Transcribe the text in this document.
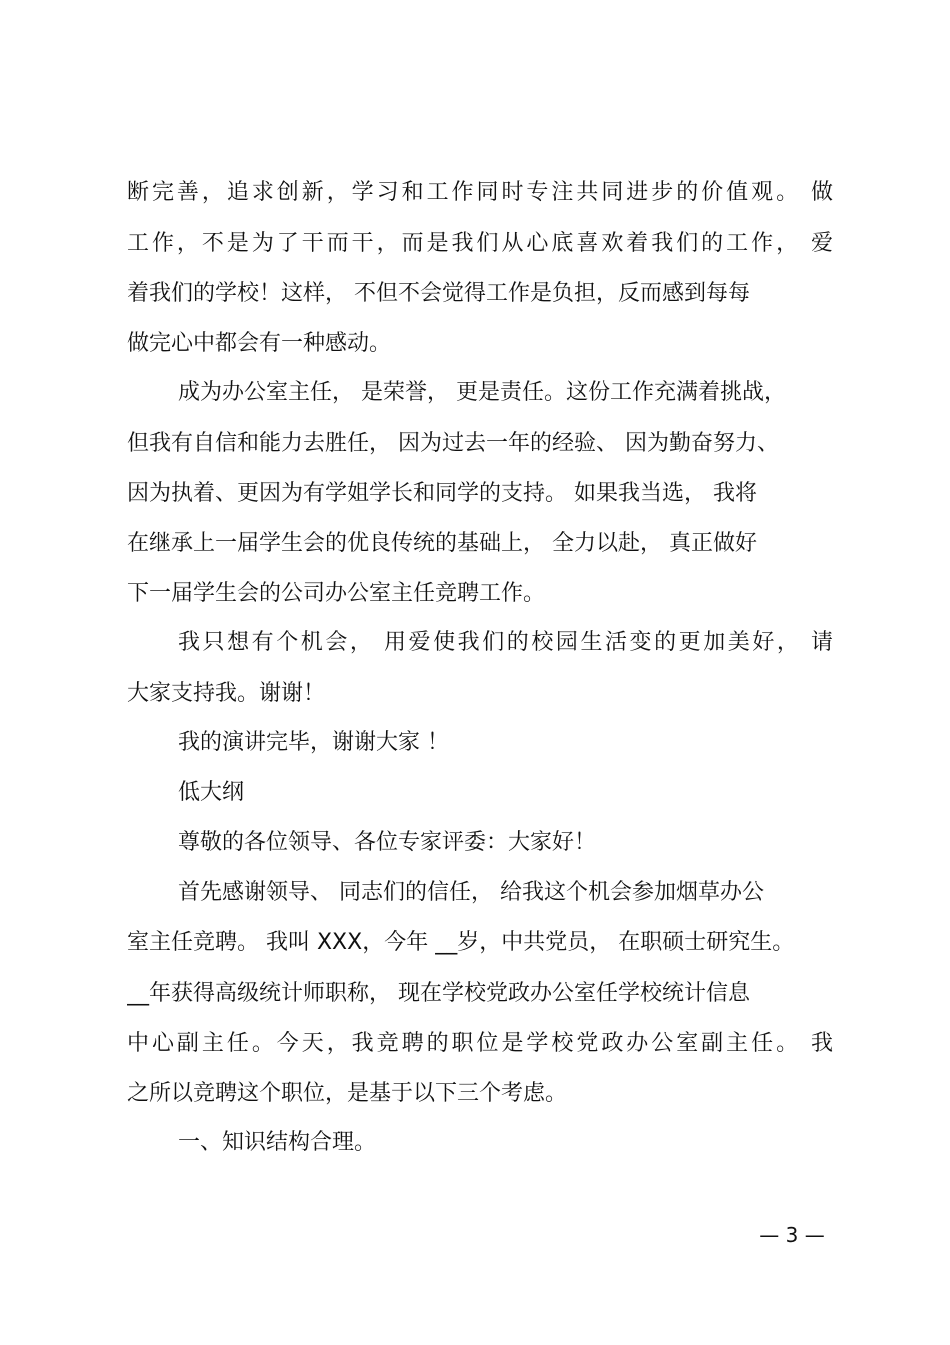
断完善，追求创新，学习和工作同时专注共同进步的价值观。 做
工作，不是为了干而干，而是我们从心底喜欢着我们的工作， 爱
着我们的学校！这样， 不但不会觉得工作是负担，反而感到每每
做完心中都会有一种感动。
成为办公室主任， 是荣誉， 更是责任。这份工作充满着挑战，
但我有自信和能力去胜任， 因为过去一年的经验、 因为勤奋努力、
因为执着、更因为有学姐学长和同学的支持。 如果我当选， 我将
在继承上一届学生会的优良传统的基础上， 全力以赴， 真正做好
下一届学生会的公司办公室主任竞聘工作。
我只想有个机会， 用爱使我们的校园生活变的更加美好， 请
大家支持我。谢谢！
我的演讲完毕，谢谢大家 ！
低大纲
尊敬的各位领导、各位专家评委：大家好！
首先感谢领导、 同志们的信任， 给我这个机会参加烟草办公
室主任竞聘。 我叫 XXX，今年 __岁，中共党员， 在职硕士研究生。
__年获得高级统计师职称， 现在学校党政办公室任学校统计信息
中心副主任。今天，我竞聘的职位是学校党政办公室副主任。 我
之所以竞聘这个职位，是基于以下三个考虑。
一、知识结构合理。
— 3 —
